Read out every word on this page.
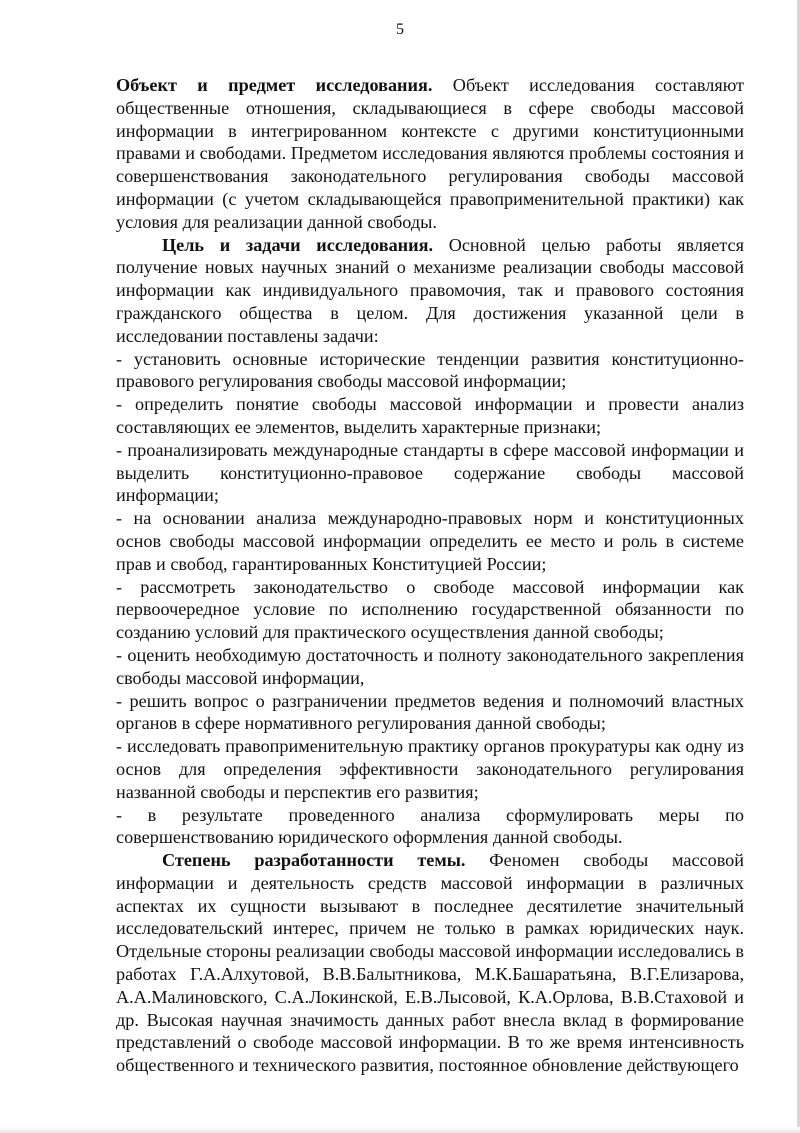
5

Объект и предмет исследования. Объект исследования составляют общественные отношения, складывающиеся в сфере свободы массовой информации в интегрированном контексте с другими конституционными правами и свободами. Предметом исследования являются проблемы состояния и совершенствования законодательного регулирования свободы массовой информации (с учетом складывающейся правоприменительной практики) как условия для реализации данной свободы.

Цель и задачи исследования. Основной целью работы является получение новых научных знаний о механизме реализации свободы массовой информации как индивидуального правомочия, так и правового состояния гражданского общества в целом. Для достижения указанной цели в исследовании поставлены задачи:

- установить основные исторические тенденции развития конституционно-правового регулирования свободы массовой информации;

- определить понятие свободы массовой информации и провести анализ составляющих ее элементов, выделить характерные признаки;

- проанализировать международные стандарты в сфере массовой информации и выделить конституционно-правовое содержание свободы массовой информации;

- на основании анализа международно-правовых норм и конституционных основ свободы массовой информации определить ее место и роль в системе прав и свобод, гарантированных Конституцией России;

- рассмотреть законодательство о свободе массовой информации как первоочередное условие по исполнению государственной обязанности по созданию условий для практического осуществления данной свободы;

- оценить необходимую достаточность и полноту законодательного закрепления свободы массовой информации,

- решить вопрос о разграничении предметов ведения и полномочий властных органов в сфере нормативного регулирования данной свободы;

- исследовать правоприменительную практику органов прокуратуры как одну из основ для определения эффективности законодательного регулирования названной свободы и перспектив его развития;

- в результате проведенного анализа сформулировать меры по совершенствованию юридического оформления данной свободы.

Степень разработанности темы. Феномен свободы массовой информации и деятельность средств массовой информации в различных аспектах их сущности вызывают в последнее десятилетие значительный исследовательский интерес, причем не только в рамках юридических наук. Отдельные стороны реализации свободы массовой информации исследовались в работах Г.А.Алхутовой, В.В.Балытникова, М.К.Башаратьяна, В.Г.Елизарова, А.А.Малиновского, С.А.Локинской, Е.В.Лысовой, К.А.Орлова, В.В.Стаховой и др. Высокая научная значимость данных работ внесла вклад в формирование представлений о свободе массовой информации. В то же время интенсивность общественного и технического развития, постоянное обновление действующего
